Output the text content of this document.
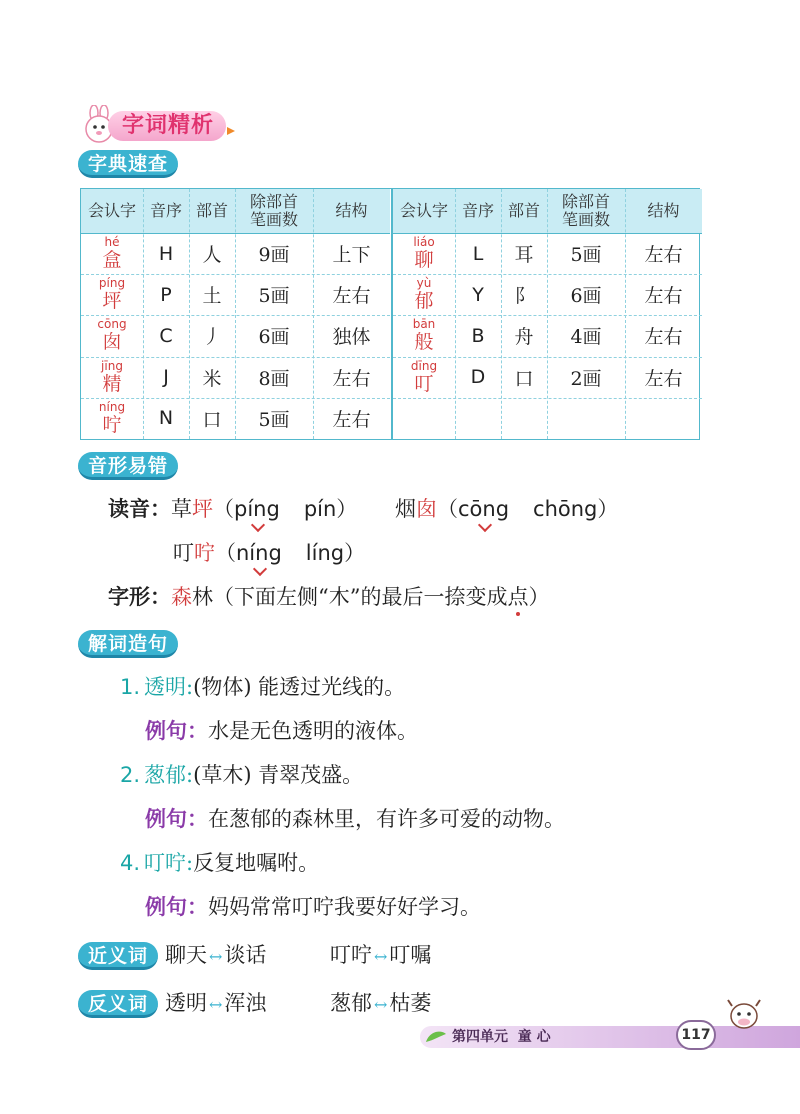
字词精析
字典速查
会认字 音序 部首	除部首笔画数	结构
hé
盒	H	人	9画	上下
píng
坪	P	土	5画	左右
cōng
囱	C	丿	6画	独体
jīng
精	J	米	8画	左右
níng
咛	N	口	5画	左右
会认字 音序 部首	除部首笔画数	结构
liáo
聊	L	耳	5画	左右
yù
郁	Y	阝	6画	左右
bān
般	B	舟	4画	左右
dīng
叮	D	口	2画	左右
音形易错
读音：草坪（píng pín） 烟囱（cōng chōng）
叮咛（níng líng）
字形：森林（下面左侧“木”的最后一捺变成点）
解词造句
1. 透明:(物体) 能透过光线的。
例句：水是无色透明的液体。
2. 葱郁:(草木) 青翠茂盛。
例句：在葱郁的森林里，有许多可爱的动物。
4. 叮咛:反复地嘱咐。
例句：妈妈常常叮咛我要好好学习。
近义词 聊天 ↔谈话	叮咛 ↔叮嘱
反义词 透明 ↔浑浊	葱郁 ↔枯萎
第四单元 童 心	117
